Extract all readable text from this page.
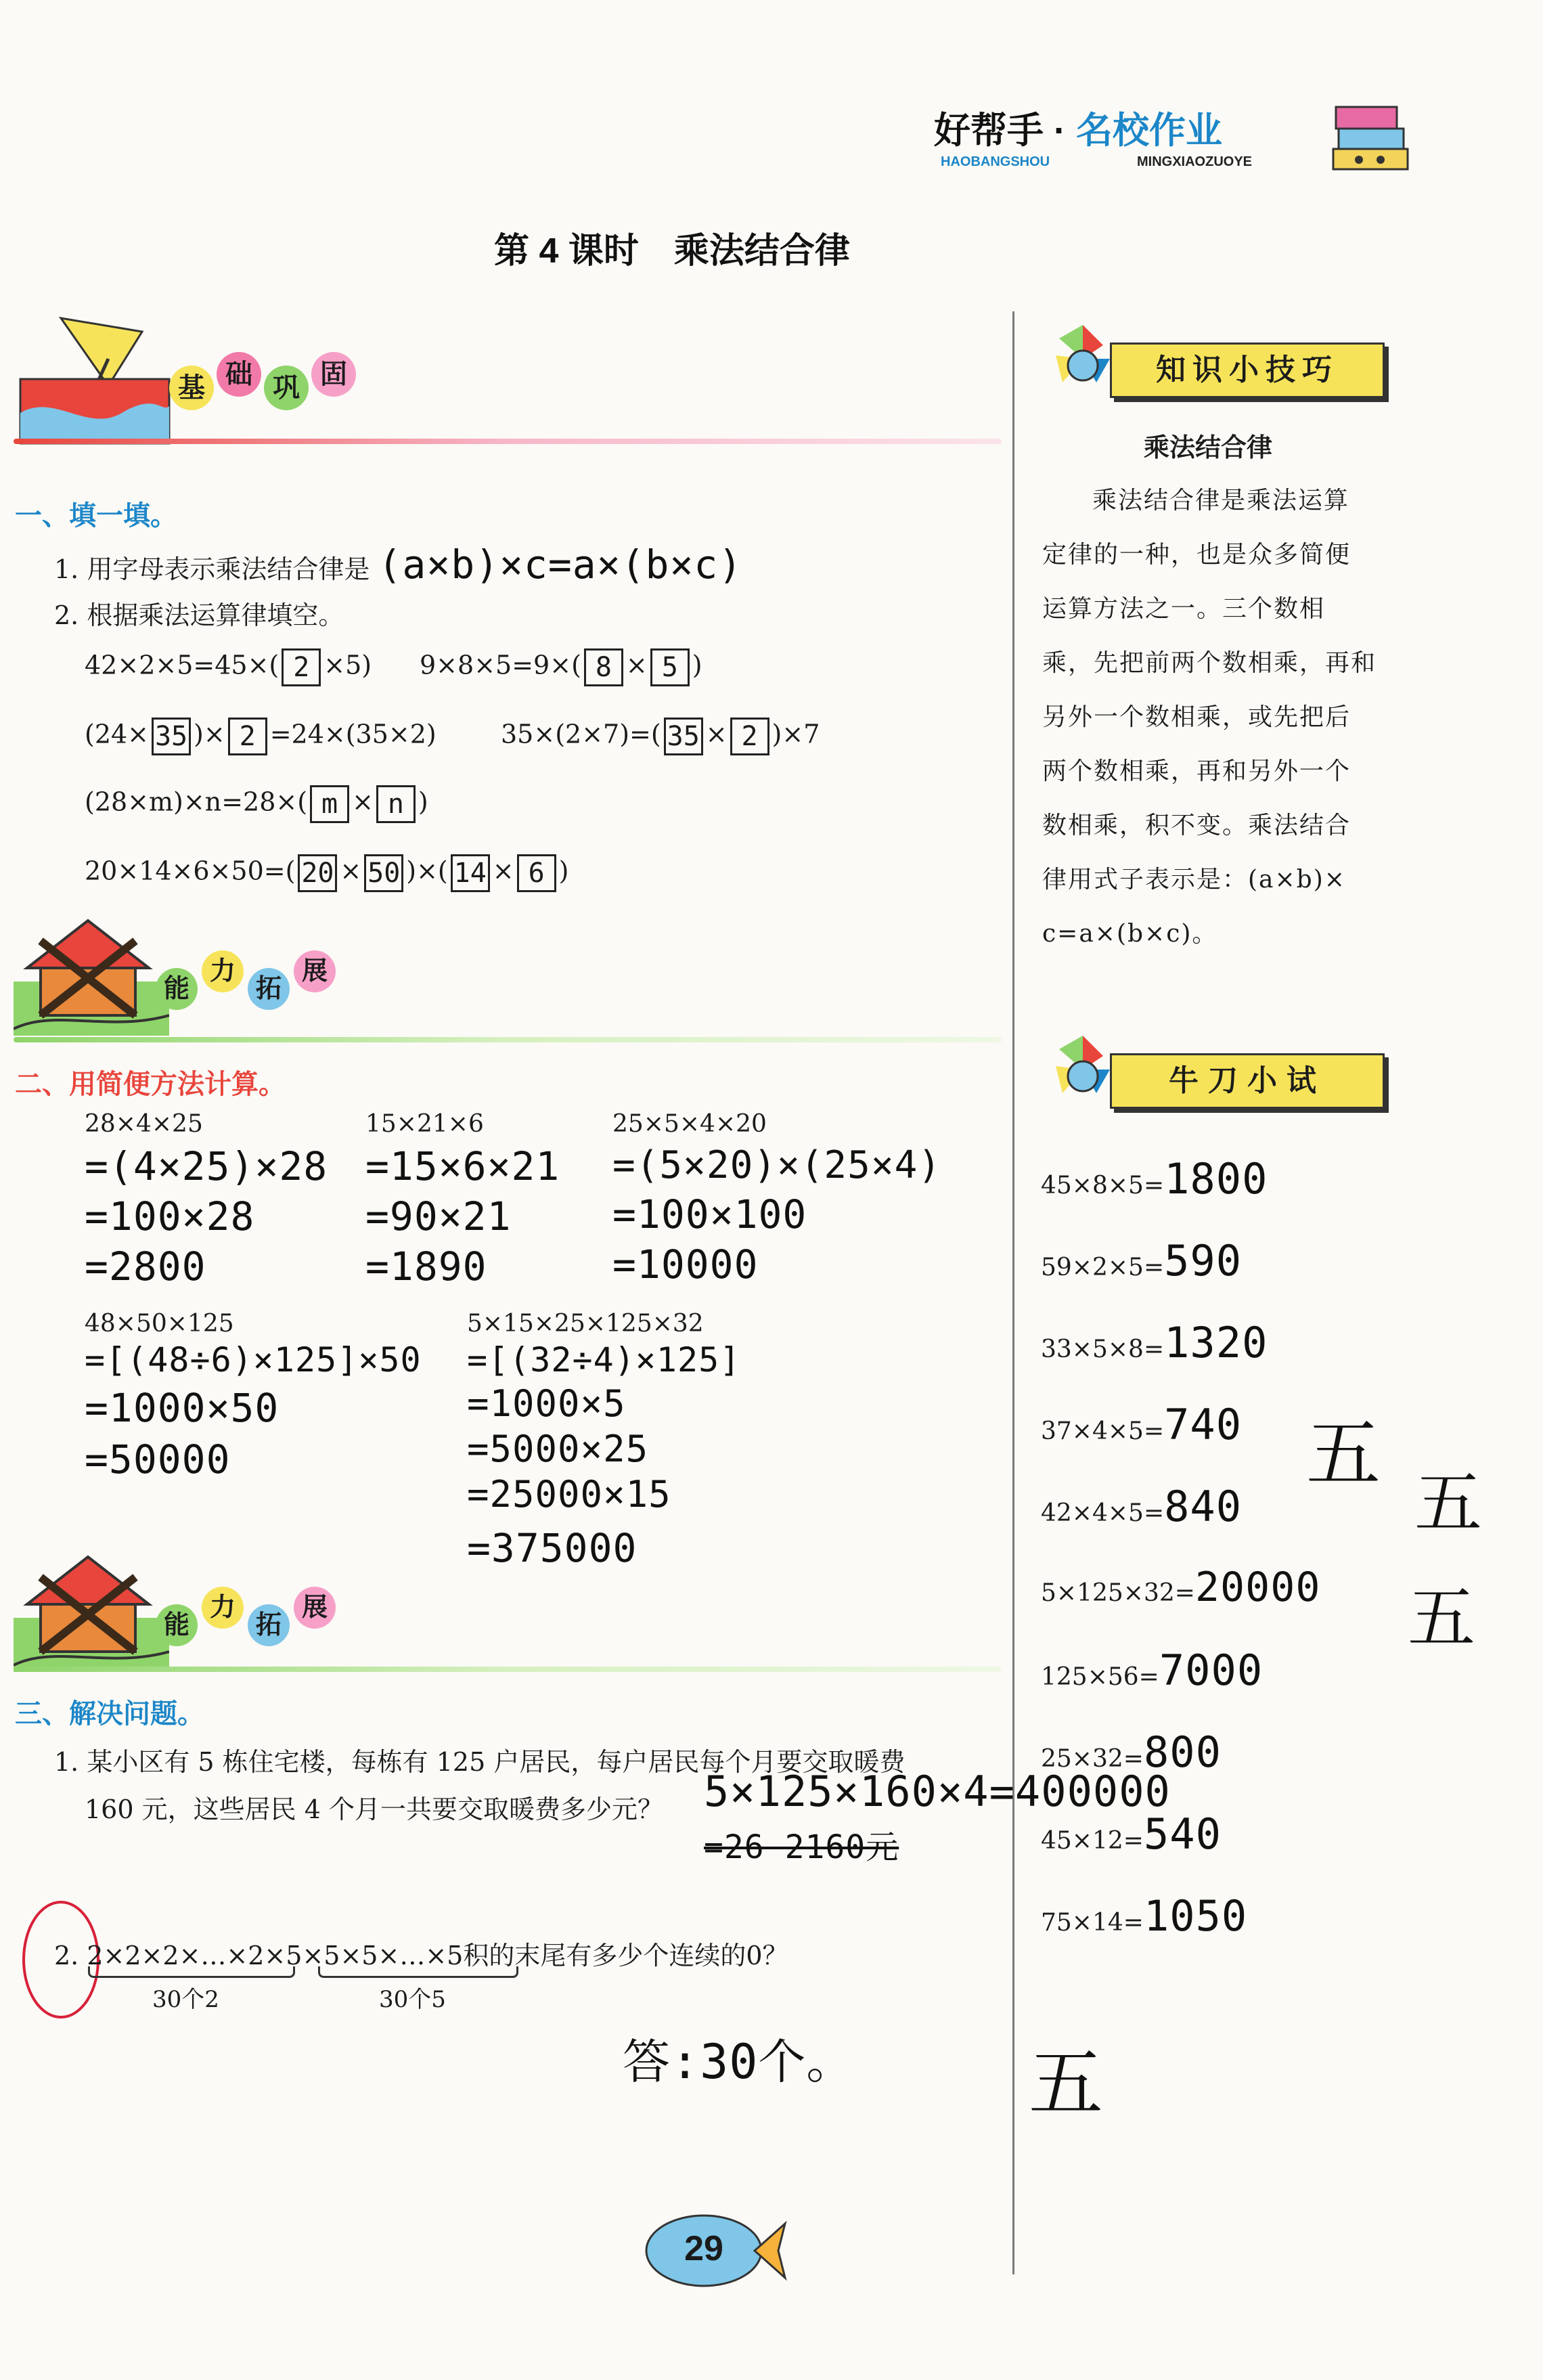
好帮手 · 名校作业
HAOBANGSHOU	MINGXIAOZUOYE
第 4 课时　乘法结合律
基 础 巩 固
一、填一填。
1. 用字母表示乘法结合律是 (a×b)×c=a×(b×c)
2. 根据乘法运算律填空。
42×2×5=45×( 2 ×5) 9×8×5=9×( 8 × 5 )
(24× 35 )× 2 =24×(35×2)	35×(2×7)=( 35 × 2 )×7
(28×m)×n=28×( m × n )
20×14×6×50=( 20 × 50 )×( 14 × 6 )
能
力
拓
展
二、用简便方法计算。
28×4×25
=(4×25)×28
=100×28
=2800
15×21×6
=15×6×21
=90×21
=1890
25×5×4×20
=(5×20)×(25×4)
=100×100
=10000
48×50×125
=[(48÷6)×125]×50
=1000×50
=50000
5×15×25×125×32
=[(32÷4)×125]
=1000×5
=5000×25
=25000×15
=375000
能
力
拓
展
三、解决问题。
1. 某小区有 5 栋住宅楼，每栋有 125 户居民，每户居民每个月要交取暖费
160 元，这些居民 4 个月一共要交取暖费多少元？ 5×125×160×4=400000
=26 2160元
2. 2×2×2×…×2×5×5×5×…×5积的末尾有多少个连续的0？
30个2	30个5
答:30个。
知识小技巧
乘法结合律

乘法结合律是乘法运算

定律的一种，也是众多简便

运算方法之一。三个数相

乘，先把前两个数相乘，再和

另外一个数相乘，或先把后

两个数相乘，再和另外一个

数相乘，积不变。乘法结合

律用式子表示是：(a×b)×

c=a×(b×c)。

牛刀小试
45×8×5=1800
59×2×5=590
33×5×8=1320
37×4×5=740
42×4×5=840
5×125×32=20000
125×56=7000
25×32=800
45×12=540
75×14=1050
五
五
五
五
29
